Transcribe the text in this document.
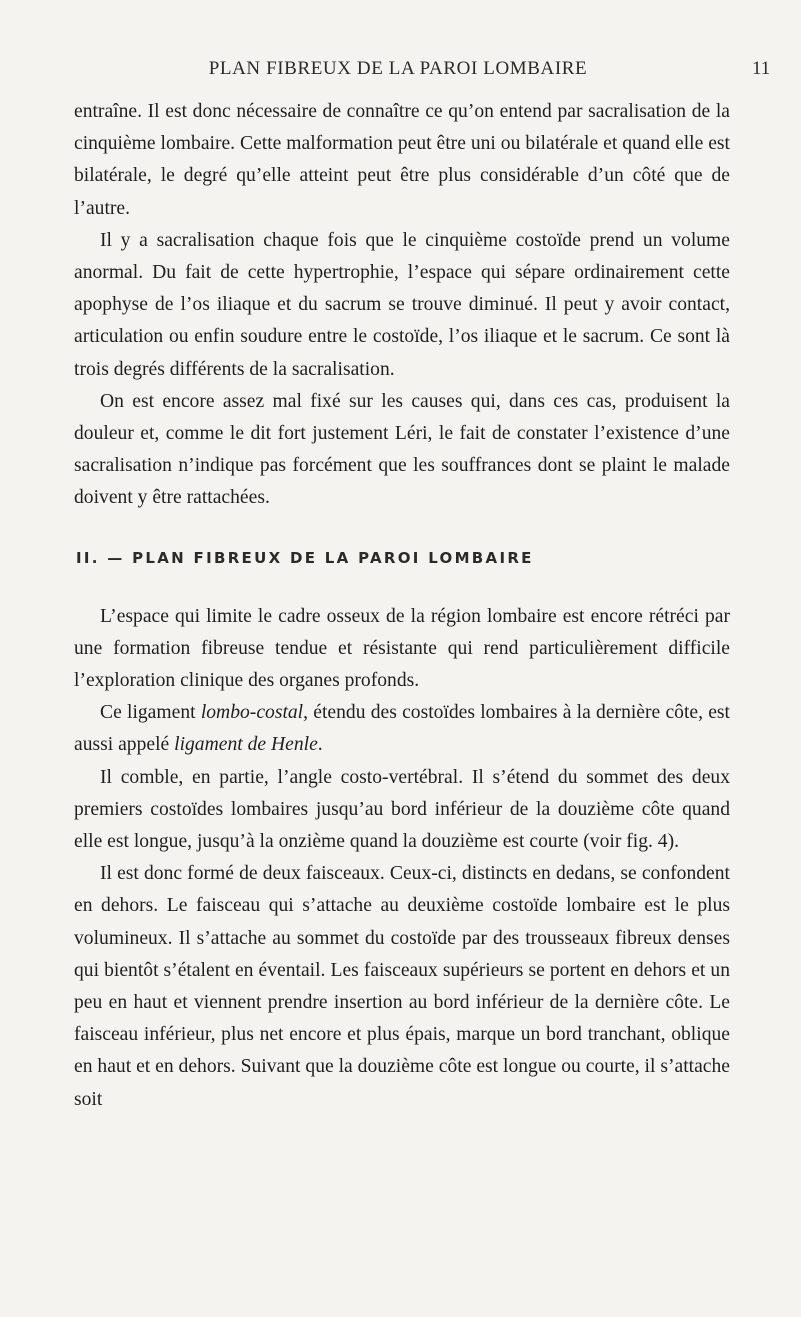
PLAN FIBREUX DE LA PAROI LOMBAIRE	11

entraîne. Il est donc nécessaire de connaître ce qu’on entend par sacralisation de la cinquième lombaire. Cette malformation peut être uni ou bilatérale et quand elle est bilatérale, le degré qu’elle atteint peut être plus considérable d’un côté que de l’autre.

Il y a sacralisation chaque fois que le cinquième costoïde prend un volume anormal. Du fait de cette hypertrophie, l’espace qui sépare ordinairement cette apophyse de l’os iliaque et du sacrum se trouve diminué. Il peut y avoir contact, articulation ou enfin soudure entre le costoïde, l’os iliaque et le sacrum. Ce sont là trois degrés différents de la sacralisation.

On est encore assez mal fixé sur les causes qui, dans ces cas, produisent la douleur et, comme le dit fort justement Léri, le fait de constater l’existence d’une sacralisation n’indique pas forcément que les souffrances dont se plaint le malade doivent y être rattachées.

II. — PLAN FIBREUX DE LA PAROI LOMBAIRE

L’espace qui limite le cadre osseux de la région lombaire est encore rétréci par une formation fibreuse tendue et résistante qui rend particulièrement difficile l’exploration clinique des organes profonds.

Ce ligament lombo-costal, étendu des costoïdes lombaires à la dernière côte, est aussi appelé ligament de Henle.

Il comble, en partie, l’angle costo-vertébral. Il s’étend du sommet des deux premiers costoïdes lombaires jusqu’au bord inférieur de la douzième côte quand elle est longue, jusqu’à la onzième quand la douzième est courte (voir fig. 4).

Il est donc formé de deux faisceaux. Ceux-ci, distincts en dedans, se confondent en dehors. Le faisceau qui s’attache au deuxième costoïde lombaire est le plus volumineux. Il s’attache au sommet du costoïde par des trousseaux fibreux denses qui bientôt s’étalent en éventail. Les faisceaux supérieurs se portent en dehors et un peu en haut et viennent prendre insertion au bord inférieur de la dernière côte. Le faisceau inférieur, plus net encore et plus épais, marque un bord tranchant, oblique en haut et en dehors. Suivant que la douzième côte est longue ou courte, il s’attache soit
